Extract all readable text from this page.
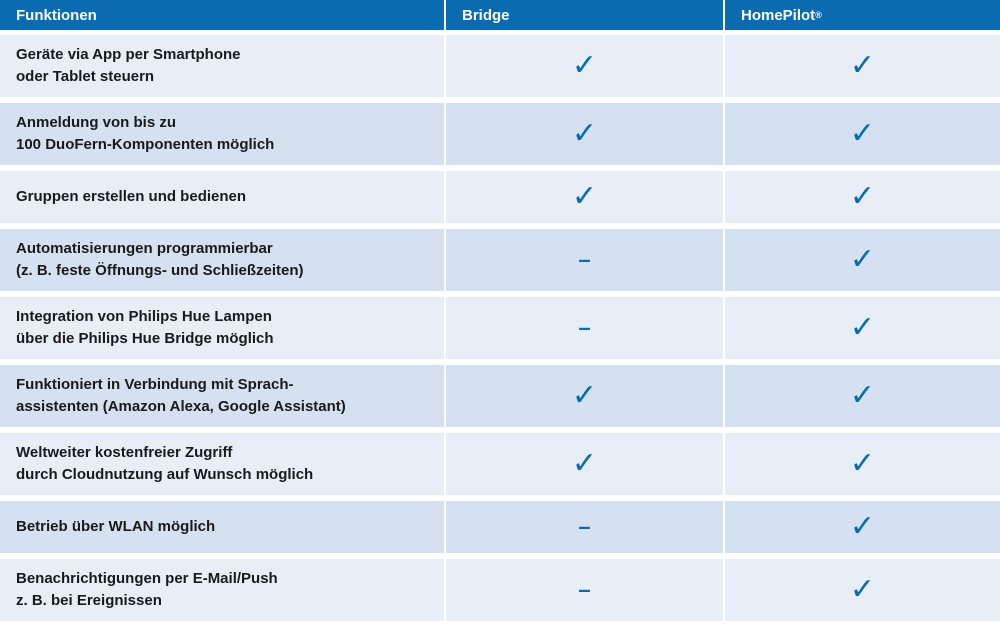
Funktionen	Bridge	HomePilot ®
Geräte via App per Smartphone
oder Tablet steuern	✓	✓
Anmeldung von bis zu
100 DuoFern-Komponenten möglich	✓	✓
Gruppen erstellen und bedienen	✓	✓
Automatisierungen programmierbar
(z. B. feste Öffnungs- und Schließzeiten)	–	✓
Integration von Philips Hue Lampen
über die Philips Hue Bridge möglich	–	✓
Funktioniert in Verbindung mit Sprach-
assistenten (Amazon Alexa, Google Assistant)	✓	✓
Weltweiter kostenfreier Zugriff
durch Cloudnutzung auf Wunsch möglich	✓	✓
Betrieb über WLAN möglich	–	✓
Benachrichtigungen per E-Mail/Push
z. B. bei Ereignissen	–	✓
